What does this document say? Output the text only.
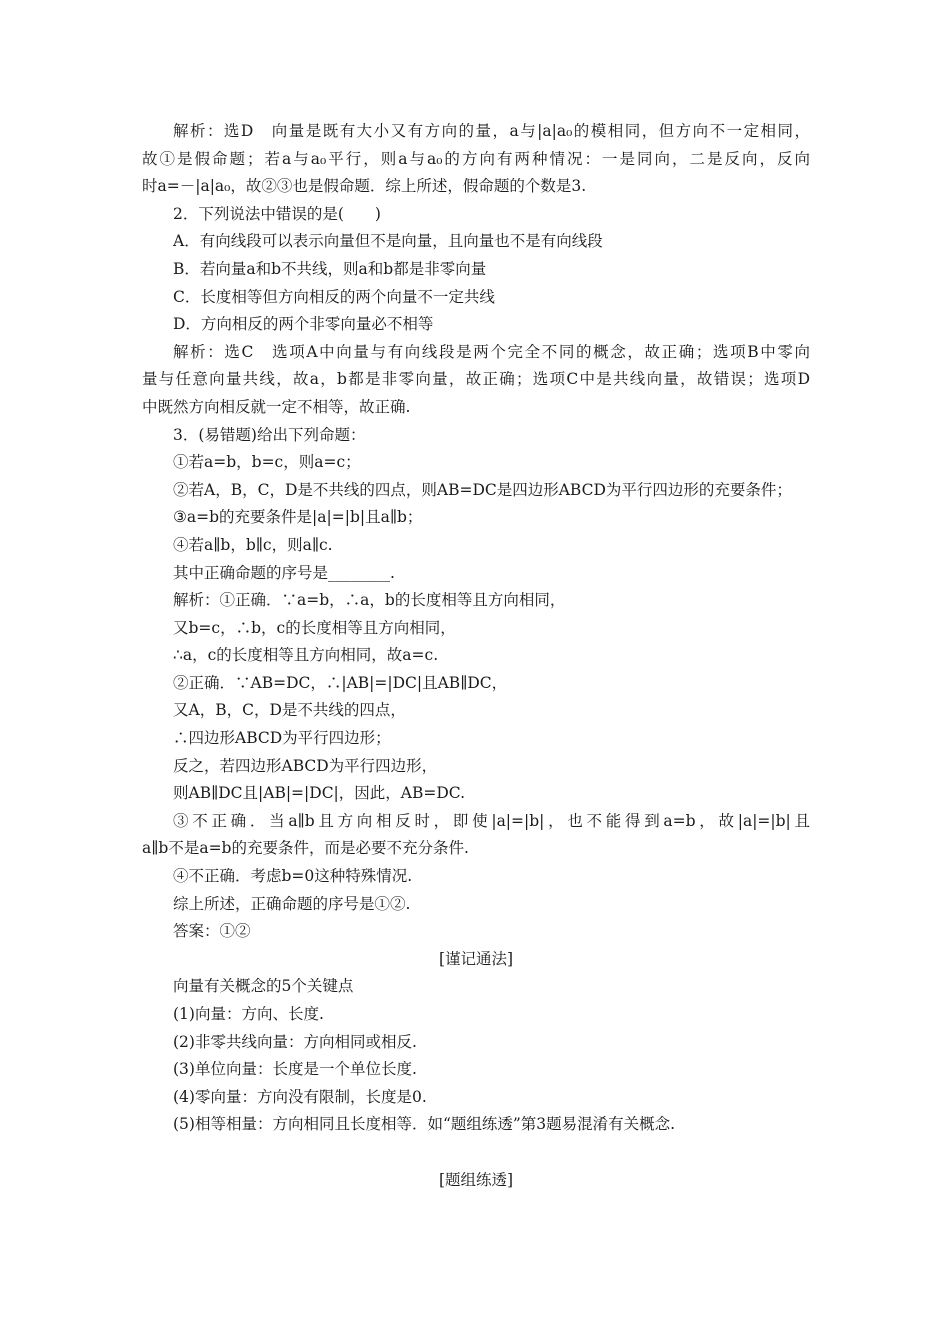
解析：选D　向量是既有大小又有方向的量，a与|a|a₀的模相同，但方向不一定相同，
故①是假命题；若a与a₀平行，则a与a₀的方向有两种情况：一是同向，二是反向，反向
时a=－|a|a₀，故②③也是假命题．综上所述，假命题的个数是3.
2．下列说法中错误的是(　　)
A．有向线段可以表示向量但不是向量，且向量也不是有向线段
B．若向量a和b不共线，则a和b都是非零向量
C．长度相等但方向相反的两个向量不一定共线
D．方向相反的两个非零向量必不相等
解析：选C　选项A中向量与有向线段是两个完全不同的概念，故正确；选项B中零向
量与任意向量共线，故a，b都是非零向量，故正确；选项C中是共线向量，故错误；选项D
中既然方向相反就一定不相等，故正确.
3．(易错题)给出下列命题：
①若a=b，b=c，则a=c；
②若A，B，C，D是不共线的四点，则AB=DC是四边形ABCD为平行四边形的充要条件；
③a=b的充要条件是|a|=|b|且a∥b；
④若a∥b，b∥c，则a∥c.
其中正确命题的序号是________.
解析：①正确．∵a=b，∴a，b的长度相等且方向相同，
又b=c，∴b，c的长度相等且方向相同，
∴a，c的长度相等且方向相同，故a=c.
②正确．∵AB=DC，∴|AB|=|DC|且AB∥DC，
又A，B，C，D是不共线的四点，
∴四边形ABCD为平行四边形；
反之，若四边形ABCD为平行四边形，
则AB∥DC且|AB|=|DC|，因此，AB=DC.
③不正确．当a∥b且方向相反时，即使|a|=|b|，也不能得到a=b，故|a|=|b|且
a∥b不是a=b的充要条件，而是必要不充分条件.
④不正确．考虑b=0这种特殊情况.
综上所述，正确命题的序号是①②.
答案：①②
[谨记通法]
向量有关概念的5个关键点
(1)向量：方向、长度.
(2)非零共线向量：方向相同或相反.
(3)单位向量：长度是一个单位长度.
(4)零向量：方向没有限制，长度是0.
(5)相等相量：方向相同且长度相等．如“题组练透”第3题易混淆有关概念.
[题组练透]
